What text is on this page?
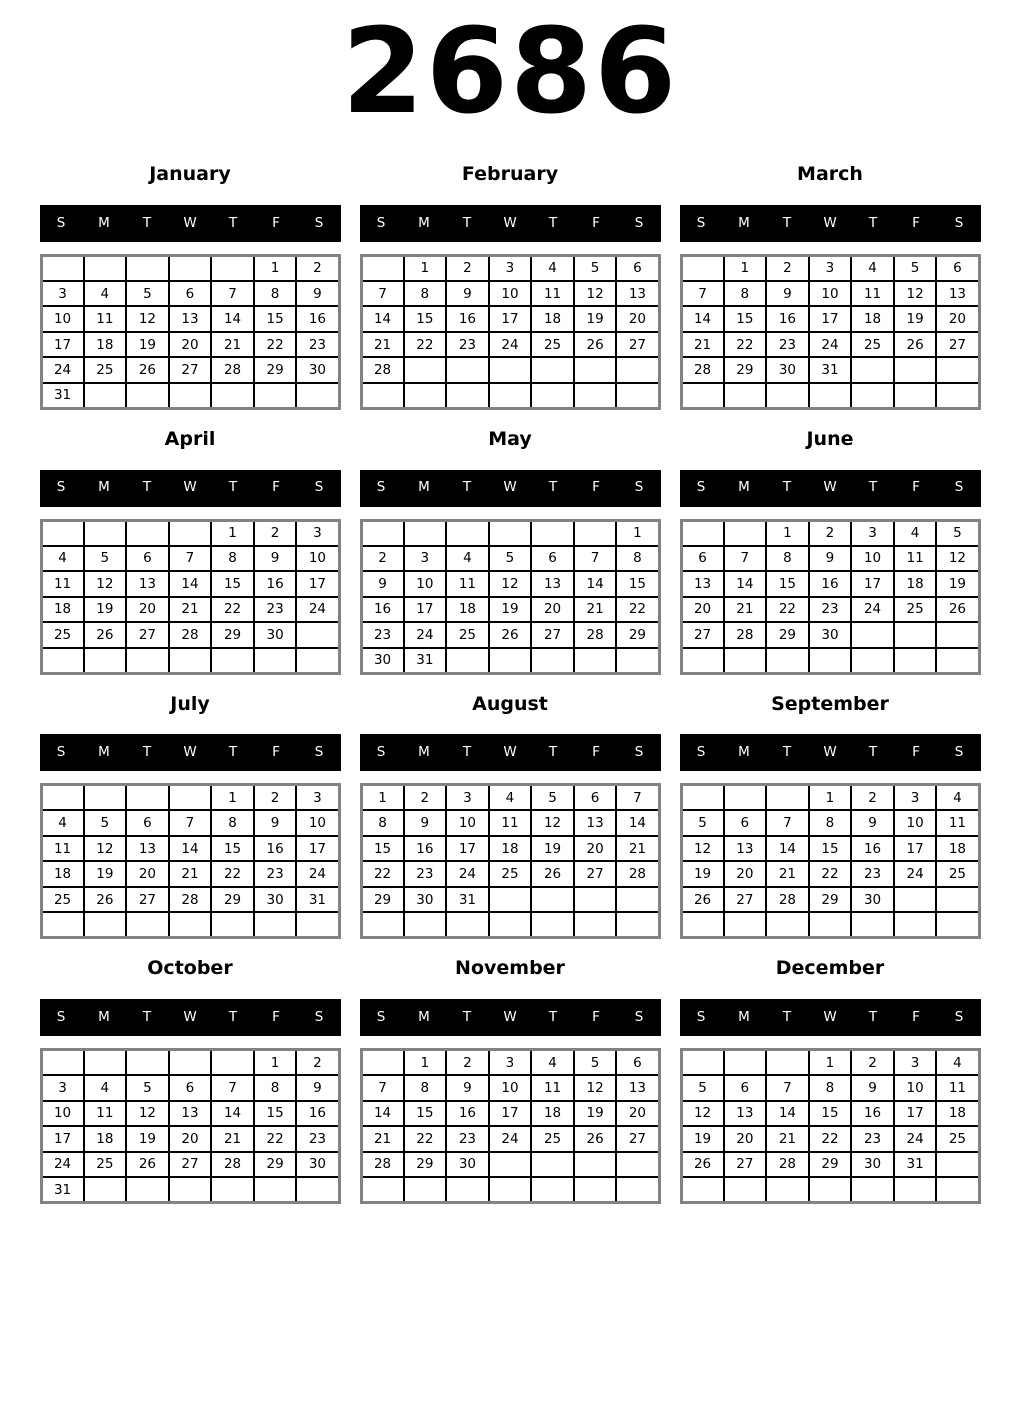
2686
January
S	M	T	W	T	F	S
					1	2
3	4	5	6	7	8	9
10	11	12	13	14	15	16
17	18	19	20	21	22	23
24	25	26	27	28	29	30
31						
February
S	M	T	W	T	F	S
	1	2	3	4	5	6
7	8	9	10	11	12	13
14	15	16	17	18	19	20
21	22	23	24	25	26	27
28						

March
S	M	T	W	T	F	S
	1	2	3	4	5	6
7	8	9	10	11	12	13
14	15	16	17	18	19	20
21	22	23	24	25	26	27
28	29	30	31			

April
S	M	T	W	T	F	S
				1	2	3
4	5	6	7	8	9	10
11	12	13	14	15	16	17
18	19	20	21	22	23	24
25	26	27	28	29	30	

May
S	M	T	W	T	F	S
						1
2	3	4	5	6	7	8
9	10	11	12	13	14	15
16	17	18	19	20	21	22
23	24	25	26	27	28	29
30	31					
June
S	M	T	W	T	F	S
		1	2	3	4	5
6	7	8	9	10	11	12
13	14	15	16	17	18	19
20	21	22	23	24	25	26
27	28	29	30			

July
S	M	T	W	T	F	S
				1	2	3
4	5	6	7	8	9	10
11	12	13	14	15	16	17
18	19	20	21	22	23	24
25	26	27	28	29	30	31

August
S	M	T	W	T	F	S
1	2	3	4	5	6	7
8	9	10	11	12	13	14
15	16	17	18	19	20	21
22	23	24	25	26	27	28
29	30	31				

September
S	M	T	W	T	F	S
			1	2	3	4
5	6	7	8	9	10	11
12	13	14	15	16	17	18
19	20	21	22	23	24	25
26	27	28	29	30		

October
S	M	T	W	T	F	S
					1	2
3	4	5	6	7	8	9
10	11	12	13	14	15	16
17	18	19	20	21	22	23
24	25	26	27	28	29	30
31						
November
S	M	T	W	T	F	S
	1	2	3	4	5	6
7	8	9	10	11	12	13
14	15	16	17	18	19	20
21	22	23	24	25	26	27
28	29	30				

December
S	M	T	W	T	F	S
			1	2	3	4
5	6	7	8	9	10	11
12	13	14	15	16	17	18
19	20	21	22	23	24	25
26	27	28	29	30	31	
